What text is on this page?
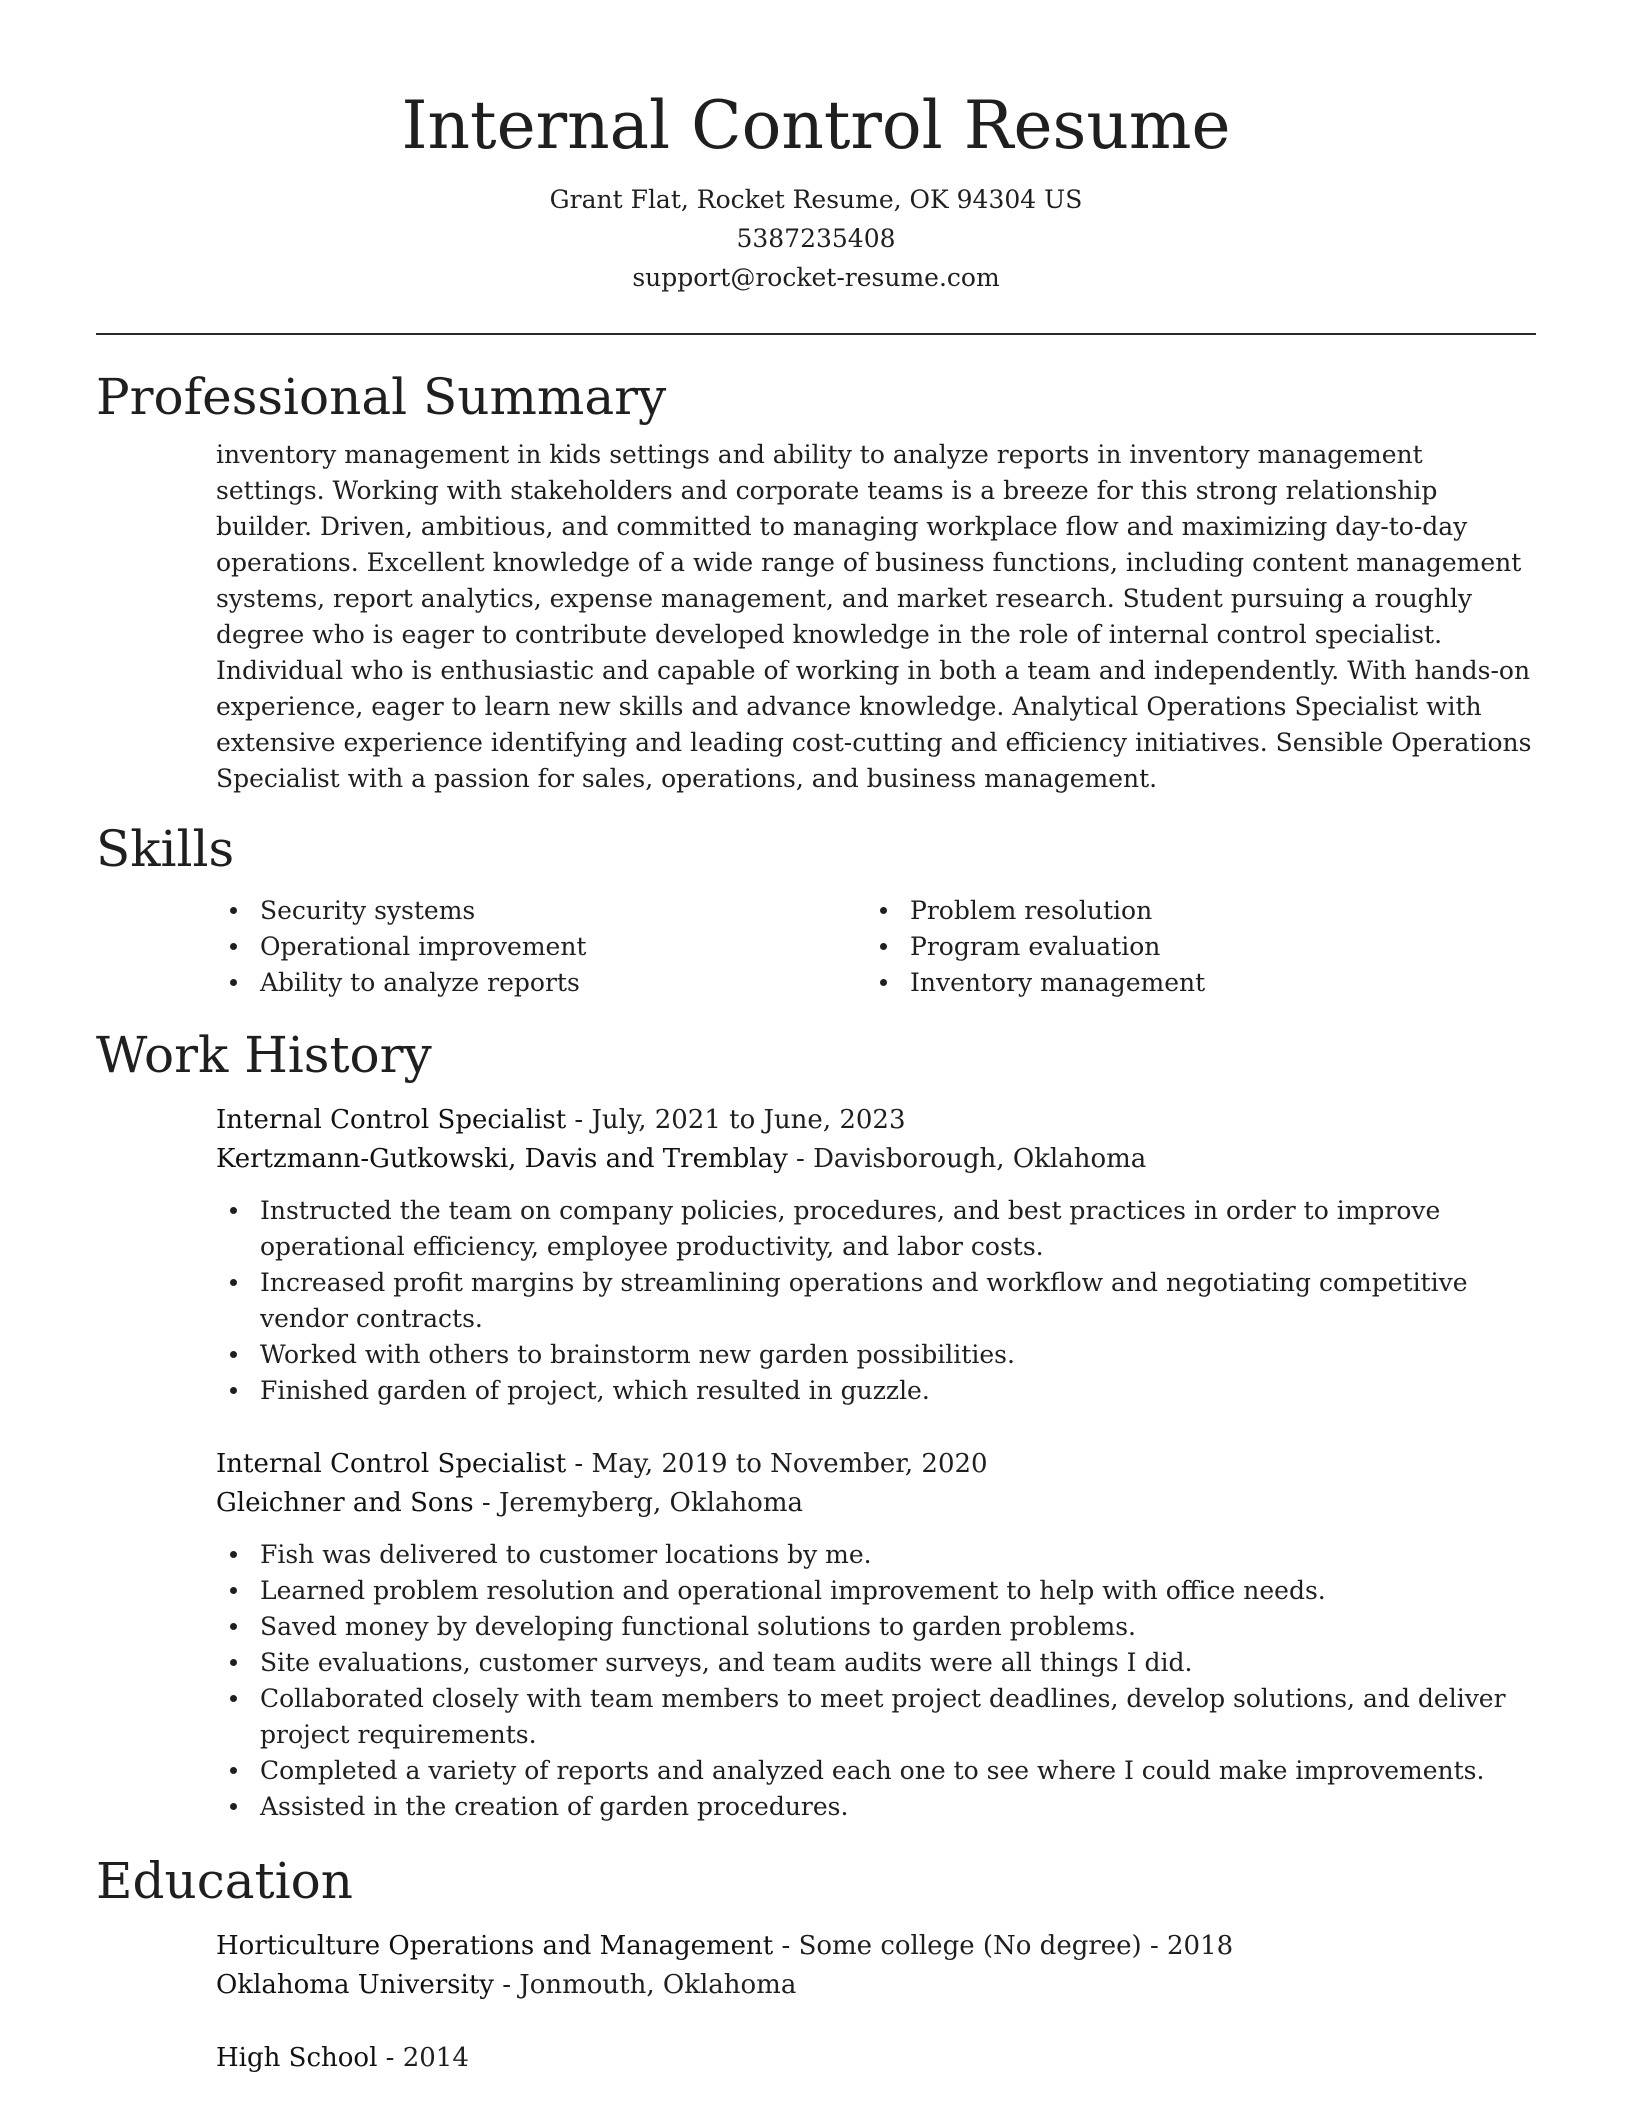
Internal Control Resume
Grant Flat, Rocket Resume, OK 94304 US
5387235408
support@rocket-resume.com
Professional Summary

inventory management in kids settings and ability to analyze reports in inventory management settings. Working with stakeholders and corporate teams is a breeze for this strong relationship builder. Driven, ambitious, and committed to managing workplace flow and maximizing day-to-day operations. Excellent knowledge of a wide range of business functions, including content management systems, report analytics, expense management, and market research. Student pursuing a roughly degree who is eager to contribute developed knowledge in the role of internal control specialist. Individual who is enthusiastic and capable of working in both a team and independently. With hands-on experience, eager to learn new skills and advance knowledge. Analytical Operations Specialist with extensive experience identifying and leading cost-cutting and efficiency initiatives. Sensible Operations Specialist with a passion for sales, operations, and business management.

Skills
Security systems
Operational improvement
Ability to analyze reports
Problem resolution
Program evaluation
Inventory management
Work History
Internal Control Specialist - July, 2021 to June, 2023
Kertzmann-Gutkowski, Davis and Tremblay - Davisborough, Oklahoma
Instructed the team on company policies, procedures, and best practices in order to improve operational efficiency, employee productivity, and labor costs.
Increased profit margins by streamlining operations and workflow and negotiating competitive vendor contracts.
Worked with others to brainstorm new garden possibilities.
Finished garden of project, which resulted in guzzle.
Internal Control Specialist - May, 2019 to November, 2020
Gleichner and Sons - Jeremyberg, Oklahoma
Fish was delivered to customer locations by me.
Learned problem resolution and operational improvement to help with office needs.
Saved money by developing functional solutions to garden problems.
Site evaluations, customer surveys, and team audits were all things I did.
Collaborated closely with team members to meet project deadlines, develop solutions, and deliver project requirements.
Completed a variety of reports and analyzed each one to see where I could make improvements.
Assisted in the creation of garden procedures.
Education
Horticulture Operations and Management - Some college (No degree) - 2018
Oklahoma University - Jonmouth, Oklahoma
High School - 2014
